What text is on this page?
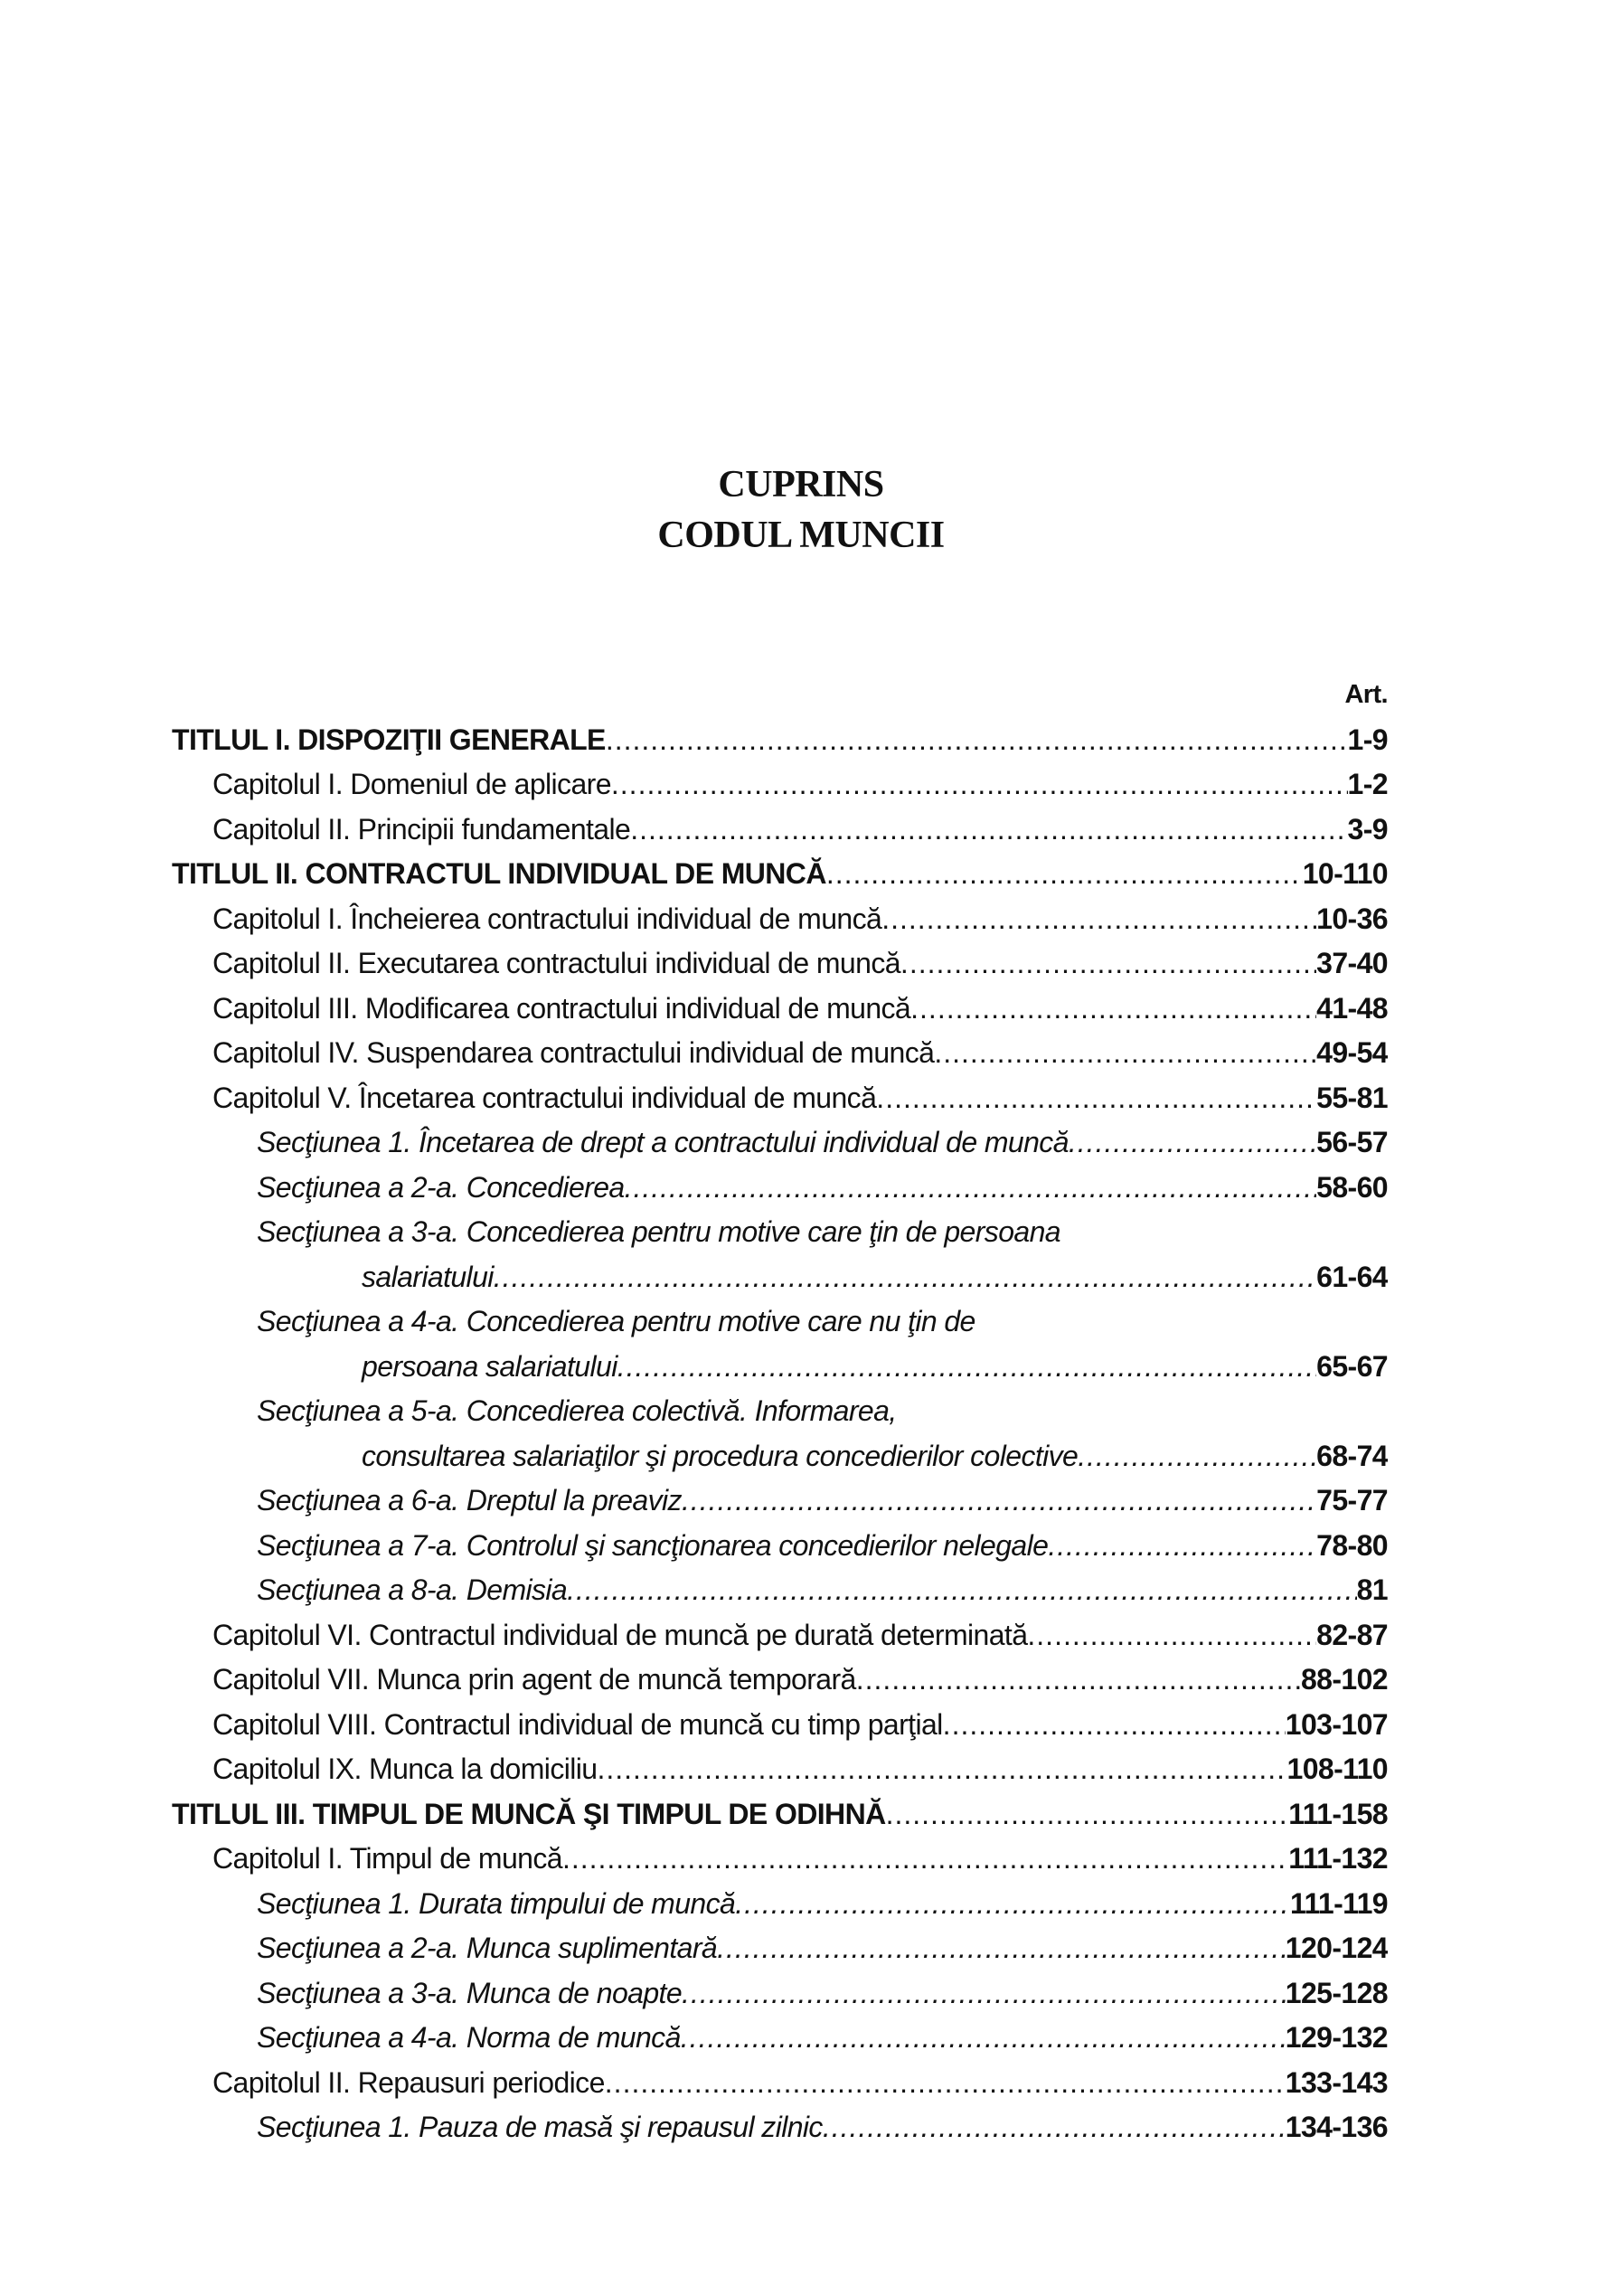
CUPRINS
CODUL MUNCII
Art.
TITLUL I. DISPOZIŢII GENERALE .....	1-9
Capitolul I. Domeniul de aplicare .....	1-2
Capitolul II. Principii fundamentale .....	3-9
TITLUL II. CONTRACTUL INDIVIDUAL DE MUNCĂ .....	10-110
Capitolul I. Încheierea contractului individual de muncă .....	10-36
Capitolul II. Executarea contractului individual de muncă .....	37-40
Capitolul III. Modificarea contractului individual de muncă .....	41-48
Capitolul IV. Suspendarea contractului individual de muncă .....	49-54
Capitolul V. Încetarea contractului individual de muncă .....	55-81
Secţiunea 1. Încetarea de drept a contractului individual de muncă .....	56-57
Secţiunea a 2-a. Concedierea .....	58-60
Secţiunea a 3-a. Concedierea pentru motive care ţin de persoana
salariatului .....	61-64
Secţiunea a 4-a. Concedierea pentru motive care nu ţin de
persoana salariatului .....	65-67
Secţiunea a 5-a. Concedierea colectivă. Informarea,
consultarea salariaţilor şi procedura concedierilor colective .....	68-74
Secţiunea a 6-a. Dreptul la preaviz .....	75-77
Secţiunea a 7-a. Controlul şi sancţionarea concedierilor nelegale .....	78-80
Secţiunea a 8-a. Demisia .....	81
Capitolul VI. Contractul individual de muncă pe durată determinată .....	82-87
Capitolul VII. Munca prin agent de muncă temporară .....	88-102
Capitolul VIII. Contractul individual de muncă cu timp parţial .....	103-107
Capitolul IX. Munca la domiciliu .....	108-110
TITLUL III. TIMPUL DE MUNCĂ ŞI TIMPUL DE ODIHNĂ .....	111-158
Capitolul I. Timpul de muncă .....	111-132
Secţiunea 1. Durata timpului de muncă .....	111-119
Secţiunea a 2-a. Munca suplimentară .....	120-124
Secţiunea a 3-a. Munca de noapte .....	125-128
Secţiunea a 4-a. Norma de muncă .....	129-132
Capitolul II. Repausuri periodice .....	133-143
Secţiunea 1. Pauza de masă şi repausul zilnic .....	134-136
